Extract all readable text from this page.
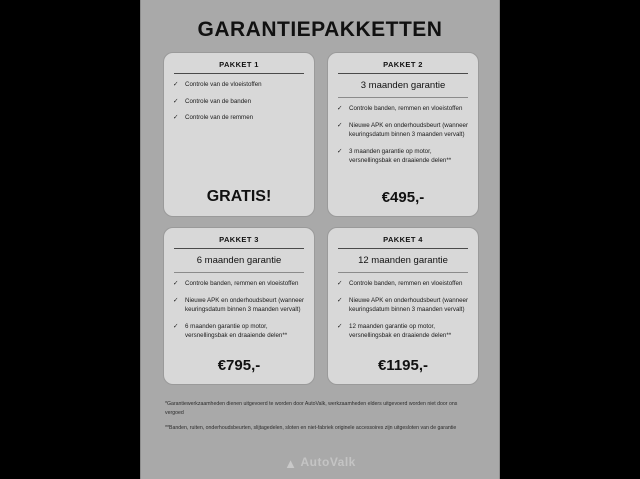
GARANTIEPAKKETTEN
PAKKET 1
✓ Controle van de vloeistoffen
✓ Controle van de banden
✓ Controle van de remmen
GRATIS!
PAKKET 2
3 maanden garantie
✓ Controle banden, remmen en vloeistoffen
✓ Nieuwe APK en onderhoudsbeurt (wanneer keuringsdatum binnen 3 maanden vervalt)
✓ 3 maanden garantie op motor, versnellingsbak en draaiende delen**
€495,-
PAKKET 3
6 maanden garantie
✓ Controle banden, remmen en vloeistoffen
✓ Nieuwe APK en onderhoudsbeurt (wanneer keuringsdatum binnen 3 maanden vervalt)
✓ 6 maanden garantie op motor, versnellingsbak en draaiende delen**
€795,-
PAKKET 4
12 maanden garantie
✓ Controle banden, remmen en vloeistoffen
✓ Nieuwe APK en onderhoudsbeurt (wanneer keuringsdatum binnen 3 maanden vervalt)
✓ 12 maanden garantie op motor, versnellingsbak en draaiende delen**
€1195,-

*Garantiewerkzaamheden dienen uitgevoerd te worden door AutoValk, werkzaamheden elders uitgevoerd worden niet door ons vergoed

**Banden, ruiten, onderhoudsbeurten, slijtagedelen, sloten en niet-fabriek originele accessoires zijn uitgesloten van de garantie

▲ AutoValk
